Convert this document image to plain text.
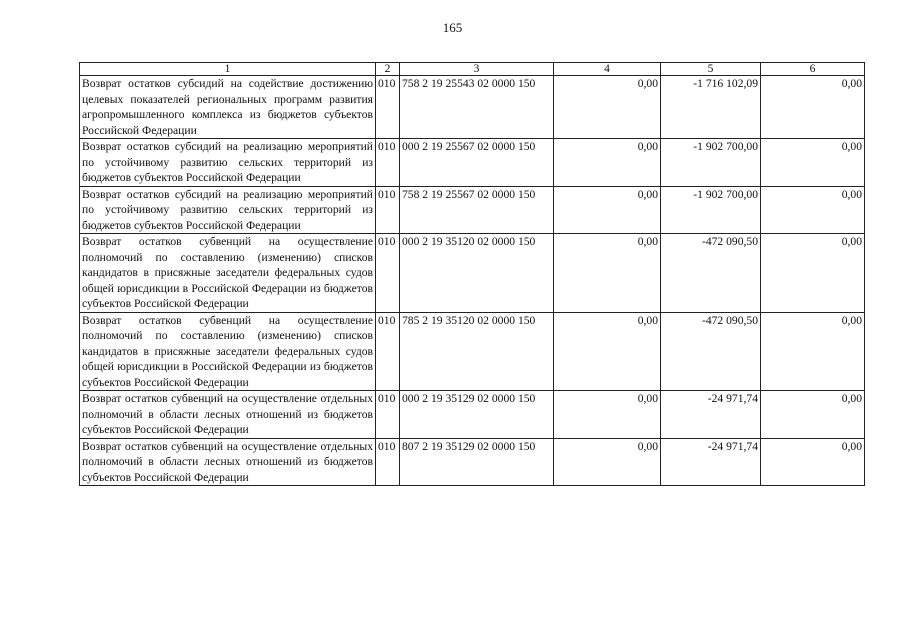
165
1	2	3	4	5	6
Возврат остатков субсидий на содействие достижению целевых показателей региональных программ развития агропромышленного комплекса из бюджетов субъектов Российской Федерации	010	758 2 19 25543 02 0000 150	0,00	-1 716 102,09	0,00
Возврат остатков субсидий на реализацию мероприятий по устойчивому развитию сельских территорий из бюджетов субъектов Российской Федерации	010	000 2 19 25567 02 0000 150	0,00	-1 902 700,00	0,00
Возврат остатков субсидий на реализацию мероприятий по устойчивому развитию сельских территорий из бюджетов субъектов Российской Федерации	010	758 2 19 25567 02 0000 150	0,00	-1 902 700,00	0,00
Возврат остатков субвенций на осуществление полномочий по составлению (изменению) списков кандидатов в присяжные заседатели федеральных судов общей юрисдикции в Российской Федерации из бюджетов субъектов Российской Федерации	010	000 2 19 35120 02 0000 150	0,00	-472 090,50	0,00
Возврат остатков субвенций на осуществление полномочий по составлению (изменению) списков кандидатов в присяжные заседатели федеральных судов общей юрисдикции в Российской Федерации из бюджетов субъектов Российской Федерации	010	785 2 19 35120 02 0000 150	0,00	-472 090,50	0,00
Возврат остатков субвенций на осуществление отдельных полномочий в области лесных отношений из бюджетов субъектов Российской Федерации	010	000 2 19 35129 02 0000 150	0,00	-24 971,74	0,00
Возврат остатков субвенций на осуществление отдельных полномочий в области лесных отношений из бюджетов субъектов Российской Федерации	010	807 2 19 35129 02 0000 150	0,00	-24 971,74	0,00
